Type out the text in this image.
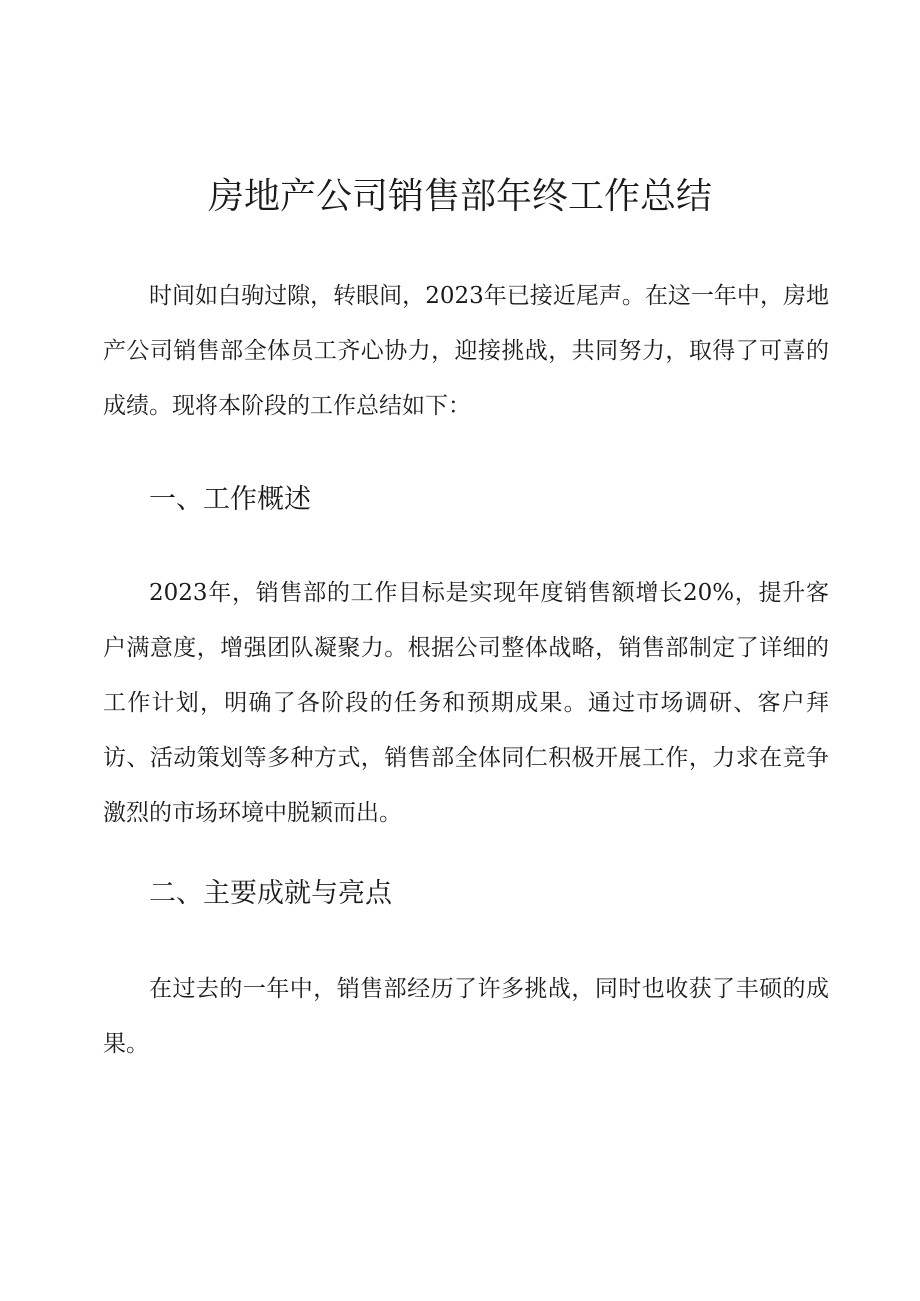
房地产公司销售部年终工作总结

时间如白驹过隙，转眼间，2023年已接近尾声。在这一年中，房地产公司销售部全体员工齐心协力，迎接挑战，共同努力，取得了可喜的成绩。现将本阶段的工作总结如下：

一、工作概述

2023年，销售部的工作目标是实现年度销售额增长20%，提升客户满意度，增强团队凝聚力。根据公司整体战略，销售部制定了详细的工作计划，明确了各阶段的任务和预期成果。通过市场调研、客户拜访、活动策划等多种方式，销售部全体同仁积极开展工作，力求在竞争激烈的市场环境中脱颖而出。

二、主要成就与亮点

在过去的一年中，销售部经历了许多挑战，同时也收获了丰硕的成果。
